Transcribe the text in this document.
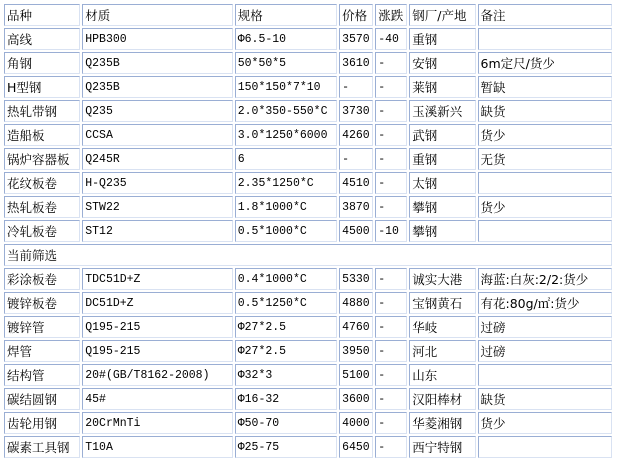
品种	材质	规格	价格	涨跌	钢厂/产地	备注
高线	HPB300	Φ6.5-10	3570	-40	重钢	
角钢	Q235B	50*50*5	3610	-	安钢	6m定尺/货少
H型钢	Q235B	150*150*7*10	-	-	莱钢	暂缺
热轧带钢	Q235	2.0*350-550*C	3730	-	玉溪新兴	缺货
造船板	CCSA	3.0*1250*6000	4260	-	武钢	货少
锅炉容器板	Q245R	6	-	-	重钢	无货
花纹板卷	H-Q235	2.35*1250*C	4510	-	太钢	
热轧板卷	STW22	1.8*1000*C	3870	-	攀钢	货少
冷轧板卷	ST12	0.5*1000*C	4500	-10	攀钢	
当前筛选						
彩涂板卷	TDC51D+Z	0.4*1000*C	5330	-	诚实大港	海蓝:白灰:2/2:货少
镀锌板卷	DC51D+Z	0.5*1250*C	4880	-	宝钢黄石	有花:80g/㎡:货少
镀锌管	Q195-215	Φ27*2.5	4760	-	华岐	过磅
焊管	Q195-215	Φ27*2.5	3950	-	河北	过磅
结构管	20#(GB/T8162-2008)	Φ32*3	5100	-	山东	
碳结圆钢	45#	Φ16-32	3600	-	汉阳棒材	缺货
齿轮用钢	20CrMnTi	Φ50-70	4000	-	华菱湘钢	货少
碳素工具钢	T10A	Φ25-75	6450	-	西宁特钢	
